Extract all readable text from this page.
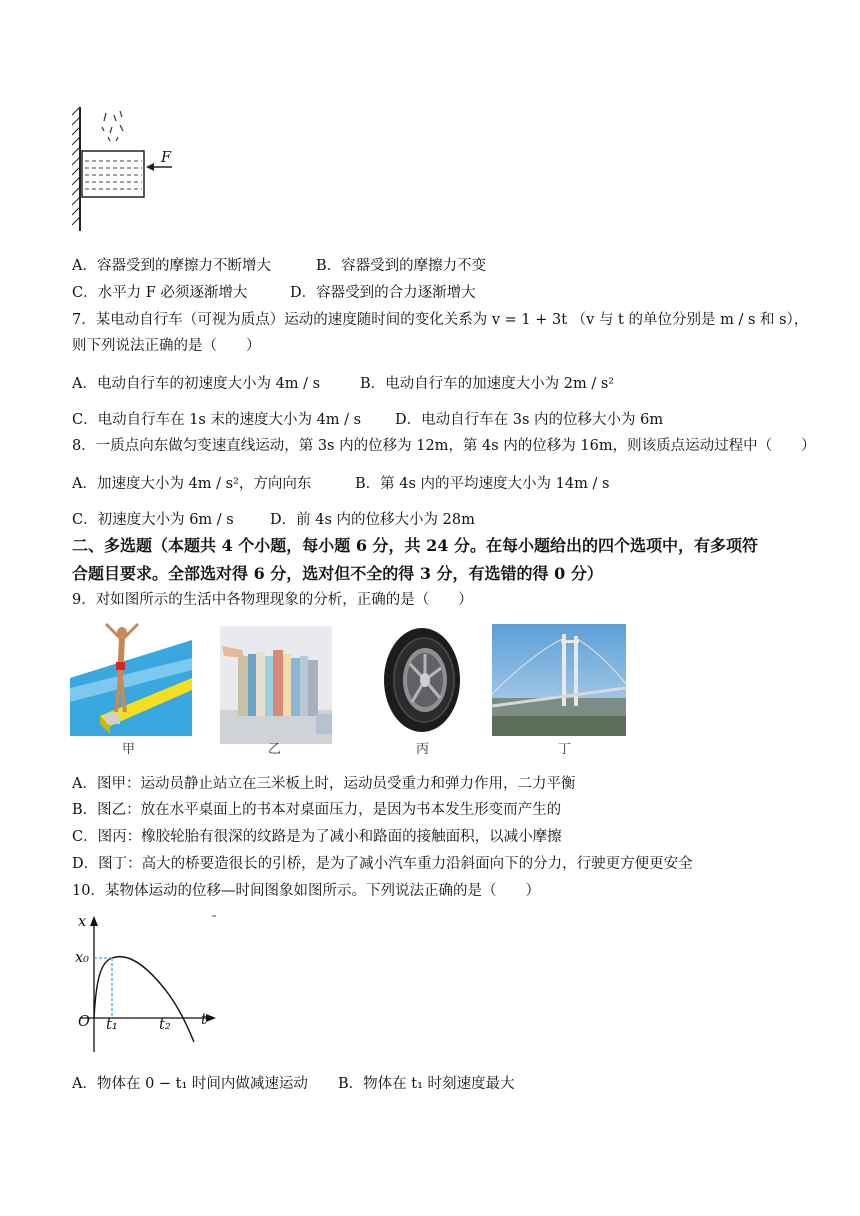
F
A．容器受到的摩擦力不断增大	B．容器受到的摩擦力不变
C．水平力 F 必须逐渐增大	D．容器受到的合力逐渐增大
7．某电动自行车（可视为质点）运动的速度随时间的变化关系为 v = 1 + 3t （v 与 t 的单位分别是 m / s 和 s），
则下列说法正确的是（　　）
A．电动自行车的初速度大小为 4m / s	B．电动自行车的加速度大小为 2m / s²
C．电动自行车在 1s 末的速度大小为 4m / s D．电动自行车在 3s 内的位移大小为 6m
8．一质点向东做匀变速直线运动，第 3s 内的位移为 12m，第 4s 内的位移为 16m，则该质点运动过程中（　　）
A．加速度大小为 4m / s²，方向向东	B．第 4s 内的平均速度大小为 14m / s
C．初速度大小为 6m / s	D．前 4s 内的位移大小为 28m
二、多选题（本题共 4 个小题，每小题 6 分，共 24 分。在每小题给出的四个选项中，有多项符
合题目要求。全部选对得 6 分，选对但不全的得 3 分，有选错的得 0 分）
9．对如图所示的生活中各物理现象的分析，正确的是（　　）
甲	乙	丙	丁
A．图甲：运动员静止站立在三米板上时，运动员受重力和弹力作用，二力平衡
B．图乙：放在水平桌面上的书本对桌面压力，是因为书本发生形变而产生的
C．图丙：橡胶轮胎有很深的纹路是为了减小和路面的接触面积，以减小摩擦
D．图丁：高大的桥要造很长的引桥，是为了减小汽车重力沿斜面向下的分力，行驶更方便更安全
10．某物体运动的位移—时间图象如图所示。下列说法正确的是（　　）
t
x
O
x₀
t₁	t₂
A．物体在 0 − t₁ 时间内做减速运动 B．物体在 t₁ 时刻速度最大
